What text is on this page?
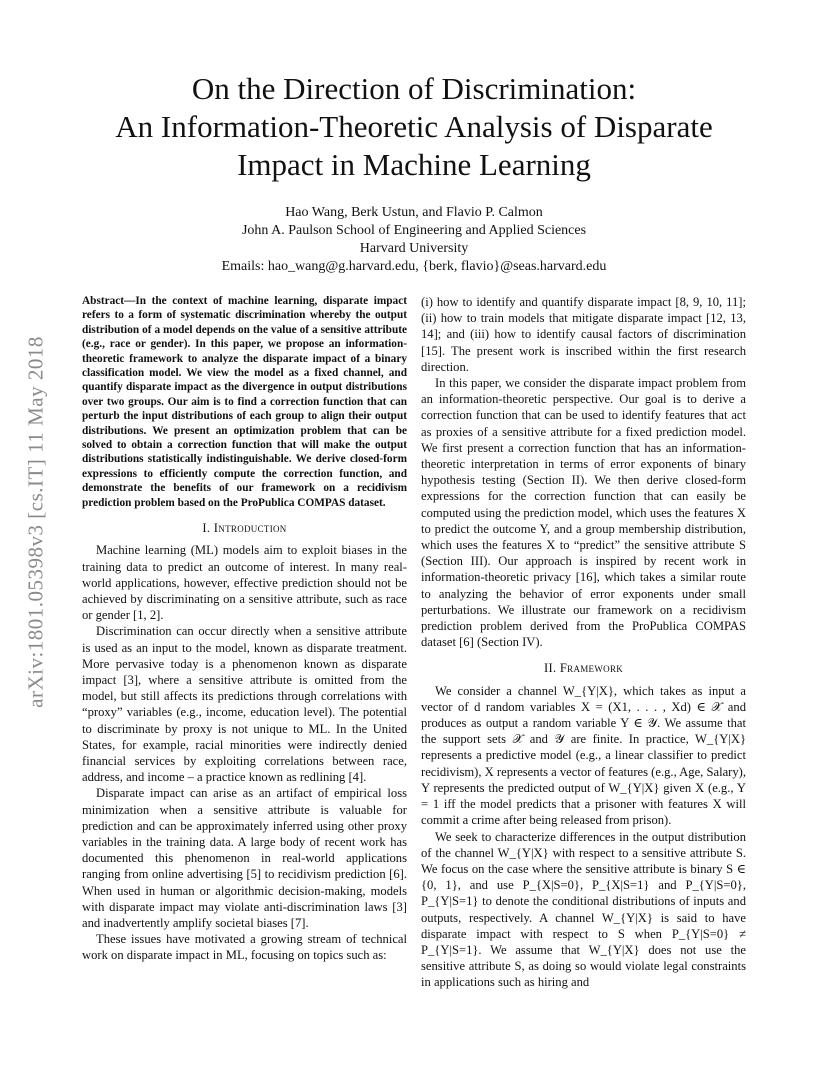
On the Direction of Discrimination:
An Information-Theoretic Analysis of Disparate
Impact in Machine Learning
Hao Wang, Berk Ustun, and Flavio P. Calmon
John A. Paulson School of Engineering and Applied Sciences
Harvard University
Emails: hao_wang@g.harvard.edu, {berk, flavio}@seas.harvard.edu
arXiv:1801.05398v3 [cs.IT] 11 May 2018
Abstract—In the context of machine learning, disparate impact refers to a form of systematic discrimination whereby the output distribution of a model depends on the value of a sensitive attribute (e.g., race or gender). In this paper, we propose an information-theoretic framework to analyze the disparate impact of a binary classification model. We view the model as a fixed channel, and quantify disparate impact as the divergence in output distributions over two groups. Our aim is to find a correction function that can perturb the input distributions of each group to align their output distributions. We present an optimization problem that can be solved to obtain a correction function that will make the output distributions statistically indistinguishable. We derive closed-form expressions to efficiently compute the correction function, and demonstrate the benefits of our framework on a recidivism prediction problem based on the ProPublica COMPAS dataset.
I. Introduction

Machine learning (ML) models aim to exploit biases in the training data to predict an outcome of interest. In many real-world applications, however, effective prediction should not be achieved by discriminating on a sensitive attribute, such as race or gender [1, 2].

Discrimination can occur directly when a sensitive attribute is used as an input to the model, known as disparate treatment. More pervasive today is a phenomenon known as disparate impact [3], where a sensitive attribute is omitted from the model, but still affects its predictions through correlations with “proxy” variables (e.g., income, education level). The potential to discriminate by proxy is not unique to ML. In the United States, for example, racial minorities were indirectly denied financial services by exploiting correlations between race, address, and income – a practice known as redlining [4].

Disparate impact can arise as an artifact of empirical loss minimization when a sensitive attribute is valuable for prediction and can be approximately inferred using other proxy variables in the training data. A large body of recent work has documented this phenomenon in real-world applications ranging from online advertising [5] to recidivism prediction [6]. When used in human or algorithmic decision-making, models with disparate impact may violate anti-discrimination laws [3] and inadvertently amplify societal biases [7].

These issues have motivated a growing stream of technical work on disparate impact in ML, focusing on topics such as:

(i) how to identify and quantify disparate impact [8, 9, 10, 11]; (ii) how to train models that mitigate disparate impact [12, 13, 14]; and (iii) how to identify causal factors of discrimination [15]. The present work is inscribed within the first research direction.

In this paper, we consider the disparate impact problem from an information-theoretic perspective. Our goal is to derive a correction function that can be used to identify features that act as proxies of a sensitive attribute for a fixed prediction model. We first present a correction function that has an information-theoretic interpretation in terms of error exponents of binary hypothesis testing (Section II). We then derive closed-form expressions for the correction function that can easily be computed using the prediction model, which uses the features X to predict the outcome Y, and a group membership distribution, which uses the features X to “predict” the sensitive attribute S (Section III). Our approach is inspired by recent work in information-theoretic privacy [16], which takes a similar route to analyzing the behavior of error exponents under small perturbations. We illustrate our framework on a recidivism prediction problem derived from the ProPublica COMPAS dataset [6] (Section IV).

II. Framework

We consider a channel W_{Y|X}, which takes as input a vector of d random variables X = (X1, . . . , Xd) ∈ 𝒳 and produces as output a random variable Y ∈ 𝒴. We assume that the support sets 𝒳 and 𝒴 are finite. In practice, W_{Y|X} represents a predictive model (e.g., a linear classifier to predict recidivism), X represents a vector of features (e.g., Age, Salary), Y represents the predicted output of W_{Y|X} given X (e.g., Y = 1 iff the model predicts that a prisoner with features X will commit a crime after being released from prison).

We seek to characterize differences in the output distribution of the channel W_{Y|X} with respect to a sensitive attribute S. We focus on the case where the sensitive attribute is binary S ∈ {0, 1}, and use P_{X|S=0}, P_{X|S=1} and P_{Y|S=0}, P_{Y|S=1} to denote the conditional distributions of inputs and outputs, respectively. A channel W_{Y|X} is said to have disparate impact with respect to S when P_{Y|S=0} ≠ P_{Y|S=1}. We assume that W_{Y|X} does not use the sensitive attribute S, as doing so would violate legal constraints in applications such as hiring and
